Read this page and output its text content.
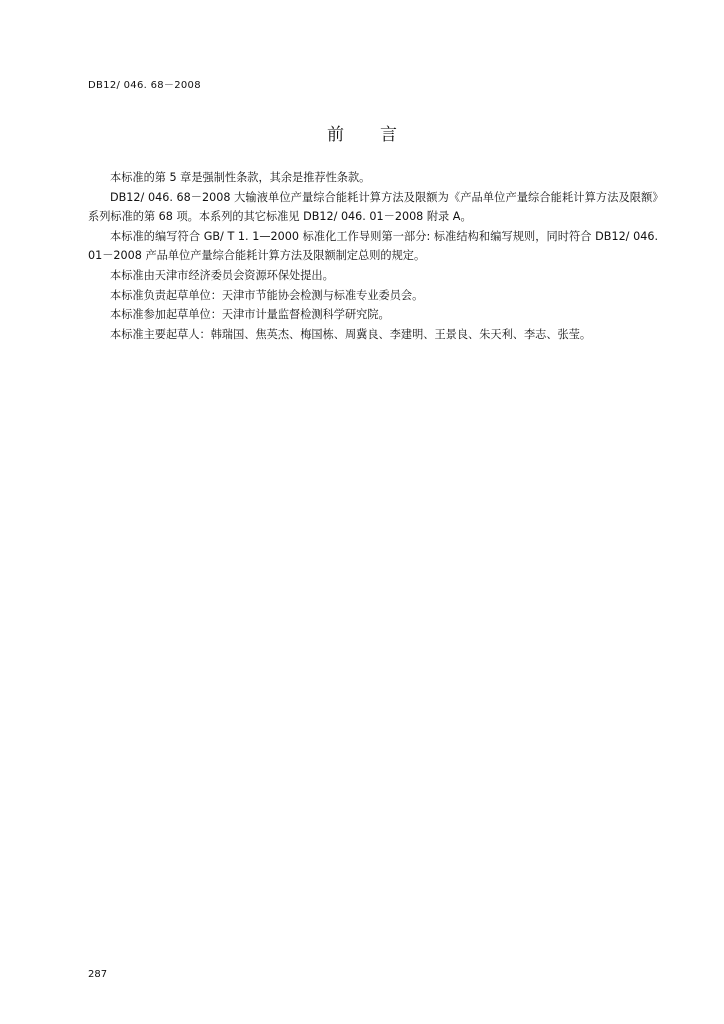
DB12/ 046. 68－2008
前言

本标准的第 5 章是强制性条款，其余是推荐性条款。

DB12/ 046. 68－2008 大输液单位产量综合能耗计算方法及限额为《产品单位产量综合能耗计算方法及限额》系列标准的第 68 项。本系列的其它标准见 DB12/ 046. 01－2008 附录 A。

本标准的编写符合 GB/ T 1. 1—2000 标准化工作导则第一部分: 标准结构和编写规则，同时符合 DB12/ 046. 01－2008 产品单位产量综合能耗计算方法及限额制定总则的规定。

本标准由天津市经济委员会资源环保处提出。

本标准负责起草单位：天津市节能协会检测与标准专业委员会。

本标准参加起草单位：天津市计量监督检测科学研究院。

本标准主要起草人：韩瑞国、焦英杰、梅国栋、周冀良、李建明、王景良、朱天利、李志、张莹。

287
